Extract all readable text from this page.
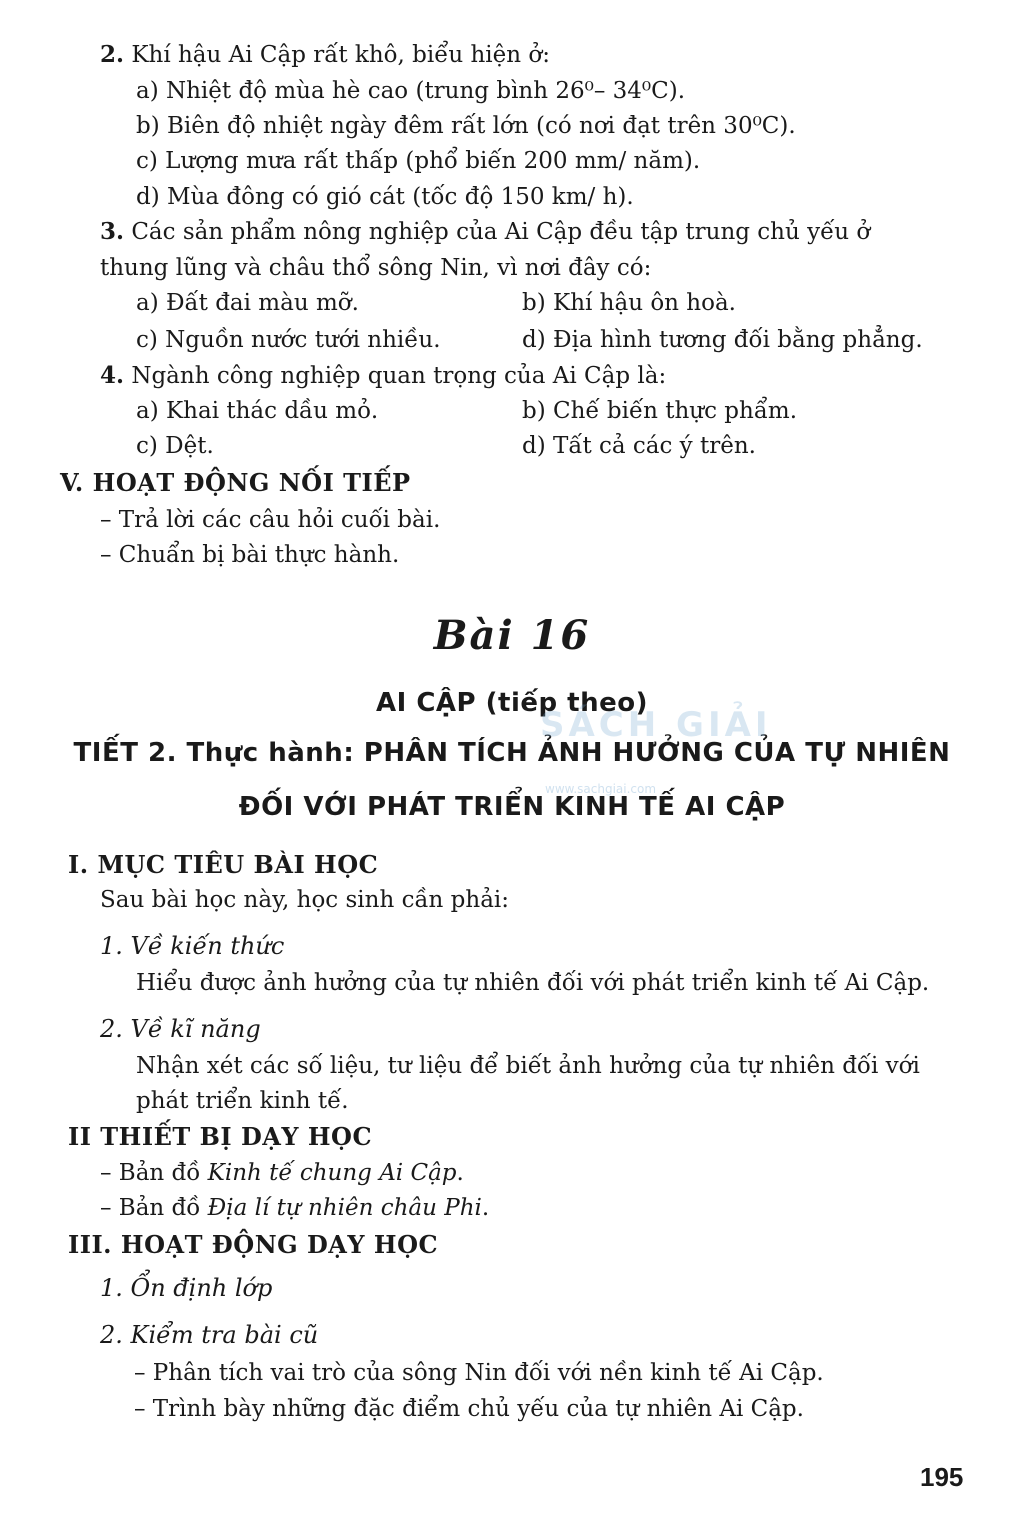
2. Khí hậu Ai Cập rất khô, biểu hiện ở:
a) Nhiệt độ mùa hè cao (trung bình 26⁰– 34⁰C).
b) Biên độ nhiệt ngày đêm rất lớn (có nơi đạt trên 30⁰C).
c) Lượng mưa rất thấp (phổ biến 200 mm/ năm).
d) Mùa đông có gió cát (tốc độ 150 km/ h).
3. Các sản phẩm nông nghiệp của Ai Cập đều tập trung chủ yếu ở
thung lũng và châu thổ sông Nin, vì nơi đây có:
a) Đất đai màu mỡ.	b) Khí hậu ôn hoà.
c) Nguồn nước tưới nhiều.	d) Địa hình tương đối bằng phẳng.
4. Ngành công nghiệp quan trọng của Ai Cập là:
a) Khai thác dầu mỏ.	b) Chế biến thực phẩm.
c) Dệt.	d) Tất cả các ý trên.
V. HOẠT ĐỘNG NỐI TIẾP
– Trả lời các câu hỏi cuối bài.
– Chuẩn bị bài thực hành.
Bài 16
AI CẬP (tiếp theo)
TIẾT 2. Thực hành: PHÂN TÍCH ẢNH HƯỞNG CỦA TỰ NHIÊN
ĐỐI VỚI PHÁT TRIỂN KINH TẾ AI CẬP
SÁCH GIẢI
www.sachgiai.com
I. MỤC TIÊU BÀI HỌC
Sau bài học này, học sinh cần phải:
1. Về kiến thức
Hiểu được ảnh hưởng của tự nhiên đối với phát triển kinh tế Ai Cập.
2. Về kĩ năng
Nhận xét các số liệu, tư liệu để biết ảnh hưởng của tự nhiên đối với
phát triển kinh tế.
II THIẾT BỊ DẠY HỌC
– Bản đồ Kinh tế chung Ai Cập.
– Bản đồ Địa lí tự nhiên châu Phi.
III. HOẠT ĐỘNG DẠY HỌC
1. Ổn định lớp
2. Kiểm tra bài cũ
– Phân tích vai trò của sông Nin đối với nền kinh tế Ai Cập.
– Trình bày những đặc điểm chủ yếu của tự nhiên Ai Cập.
195
